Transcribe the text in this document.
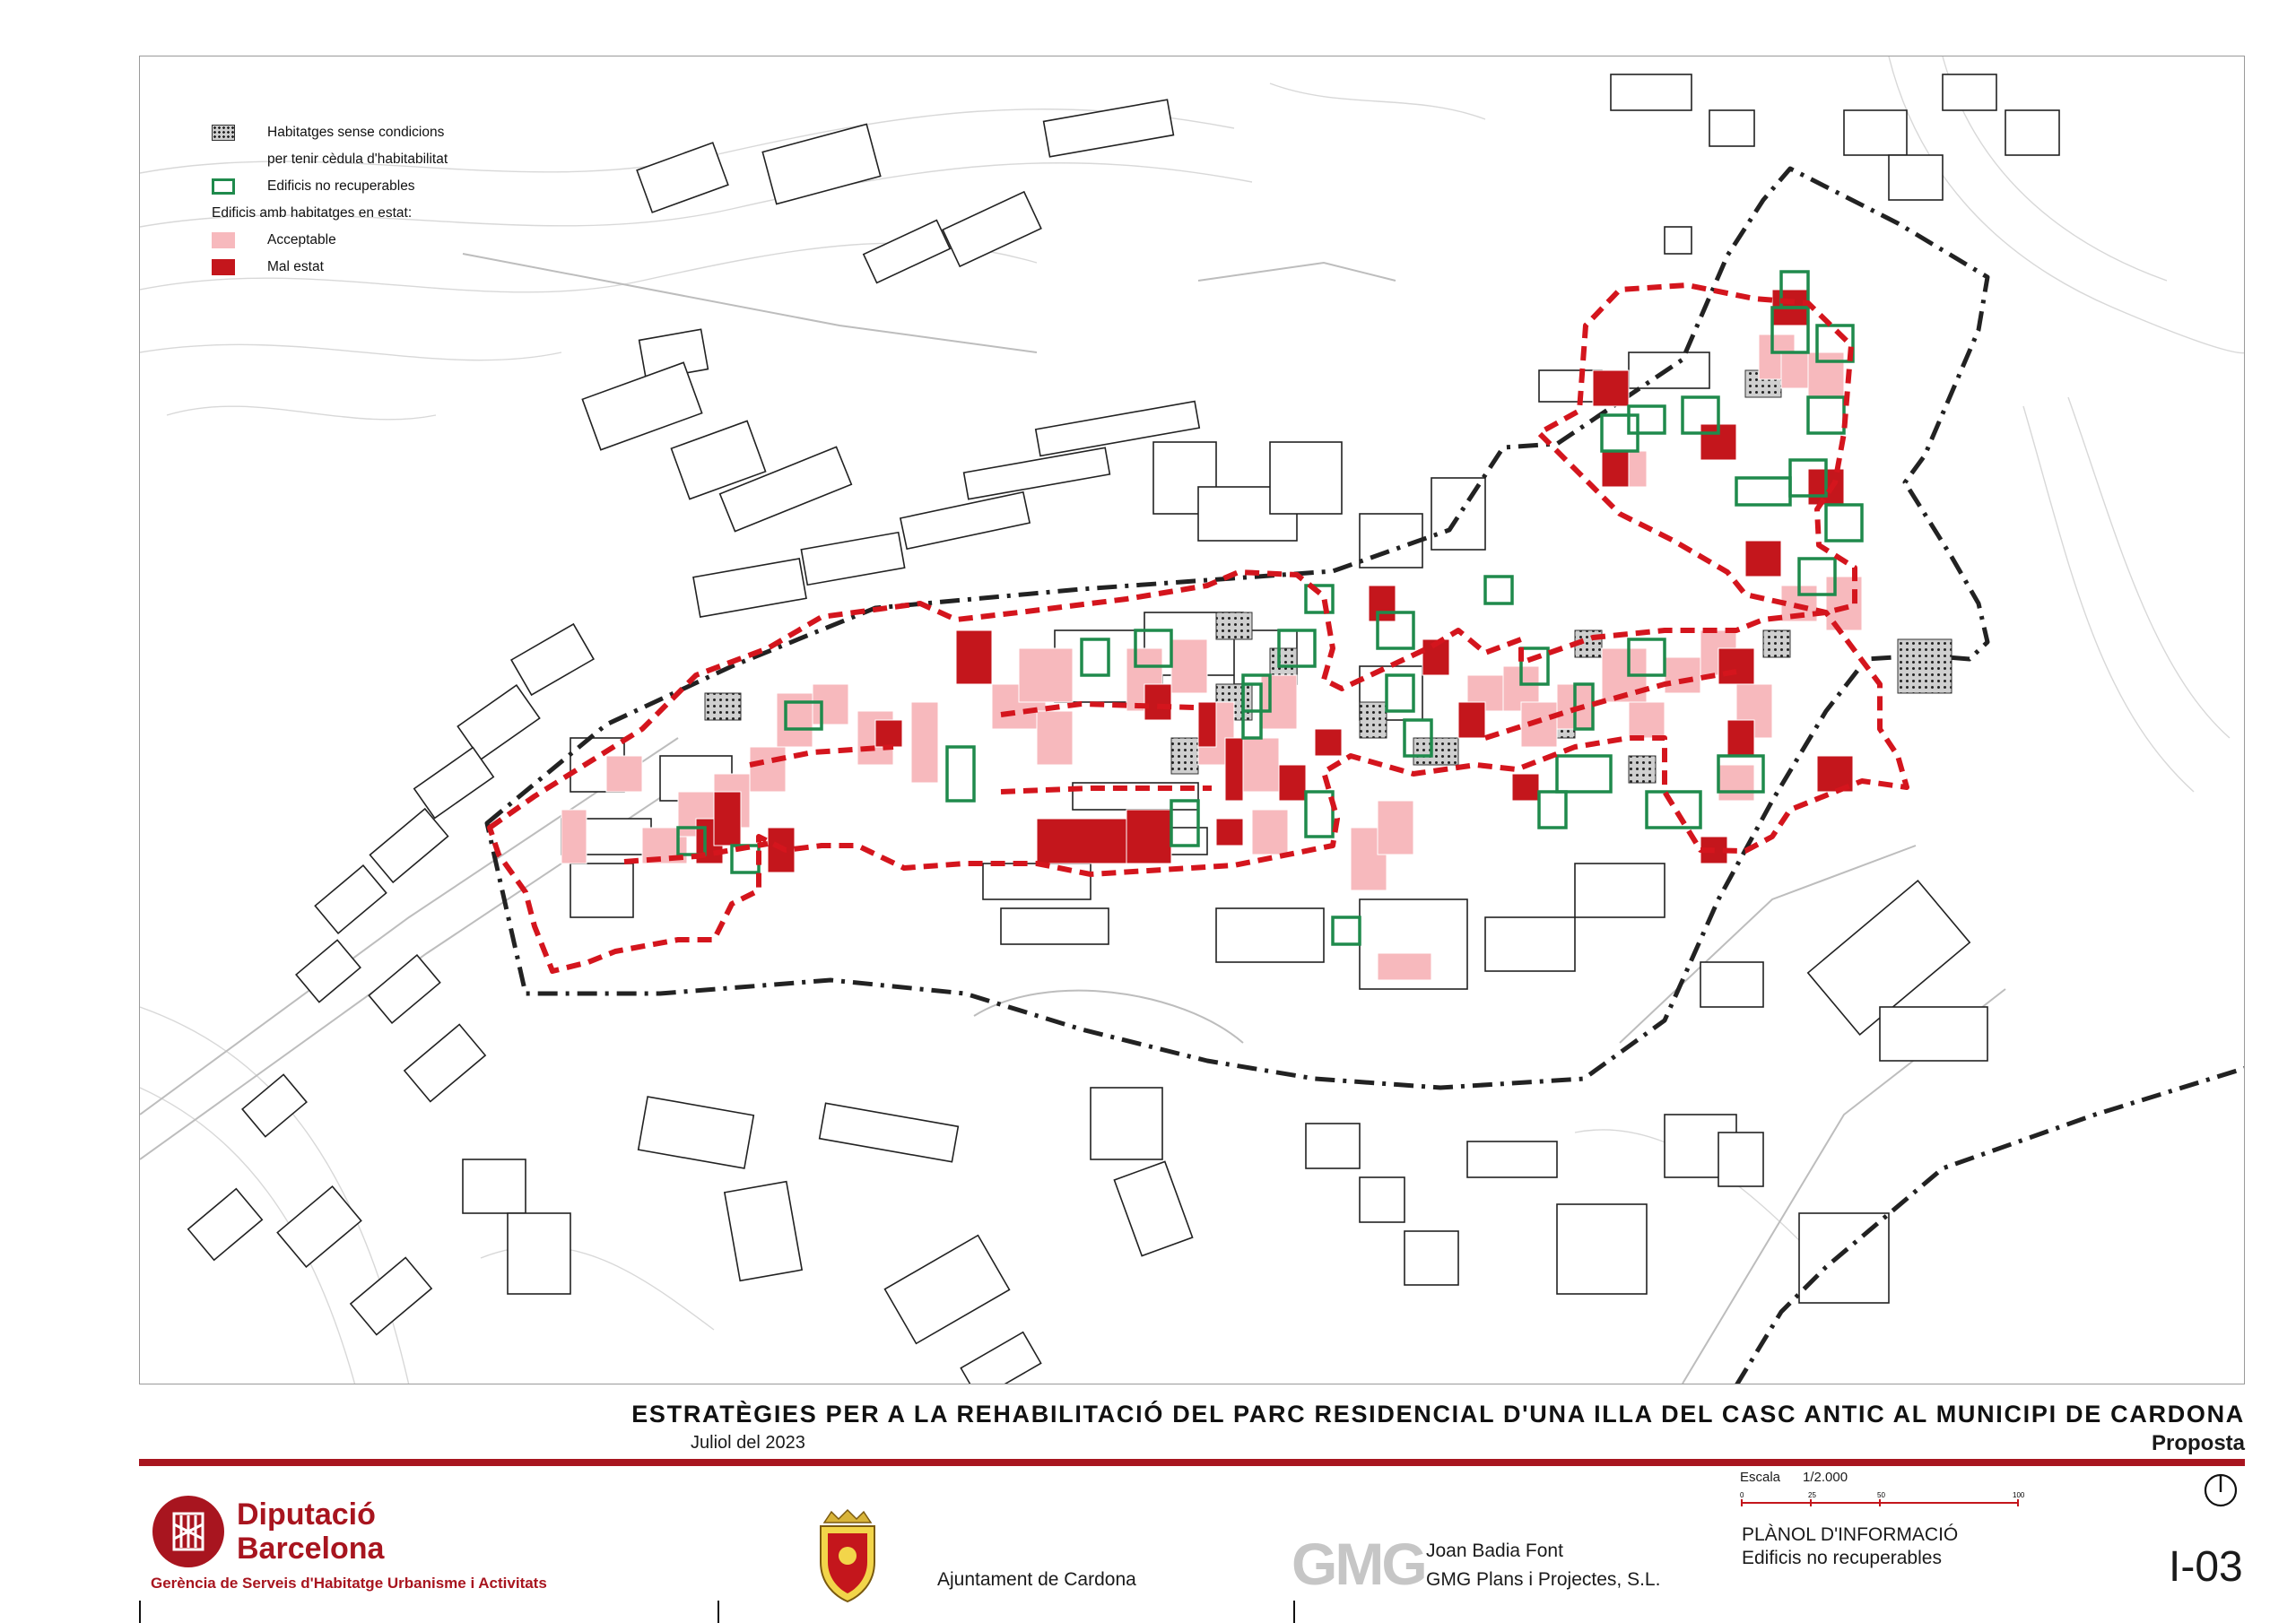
Habitatges sense condicions
per tenir cèdula d'habitabilitat
Edificis no recuperables
Edificis amb habitatges en estat:
Acceptable
Mal estat
ESTRATÈGIES PER A LA REHABILITACIÓ DEL PARC RESIDENCIAL D'UNA ILLA DEL CASC ANTIC AL MUNICIPI DE CARDONA
Juliol del 2023	Proposta
Diputació
Barcelona
Gerència de Serveis d'Habitatge Urbanisme i Activitats	Ajuntament de Cardona	GMG Joan Badia Font
GMG Plans i Projectes, S.L.
Escala 1/2.000
0	25	50	100
PLÀNOL D'INFORMACIÓ
Edificis no recuperables	I-03
